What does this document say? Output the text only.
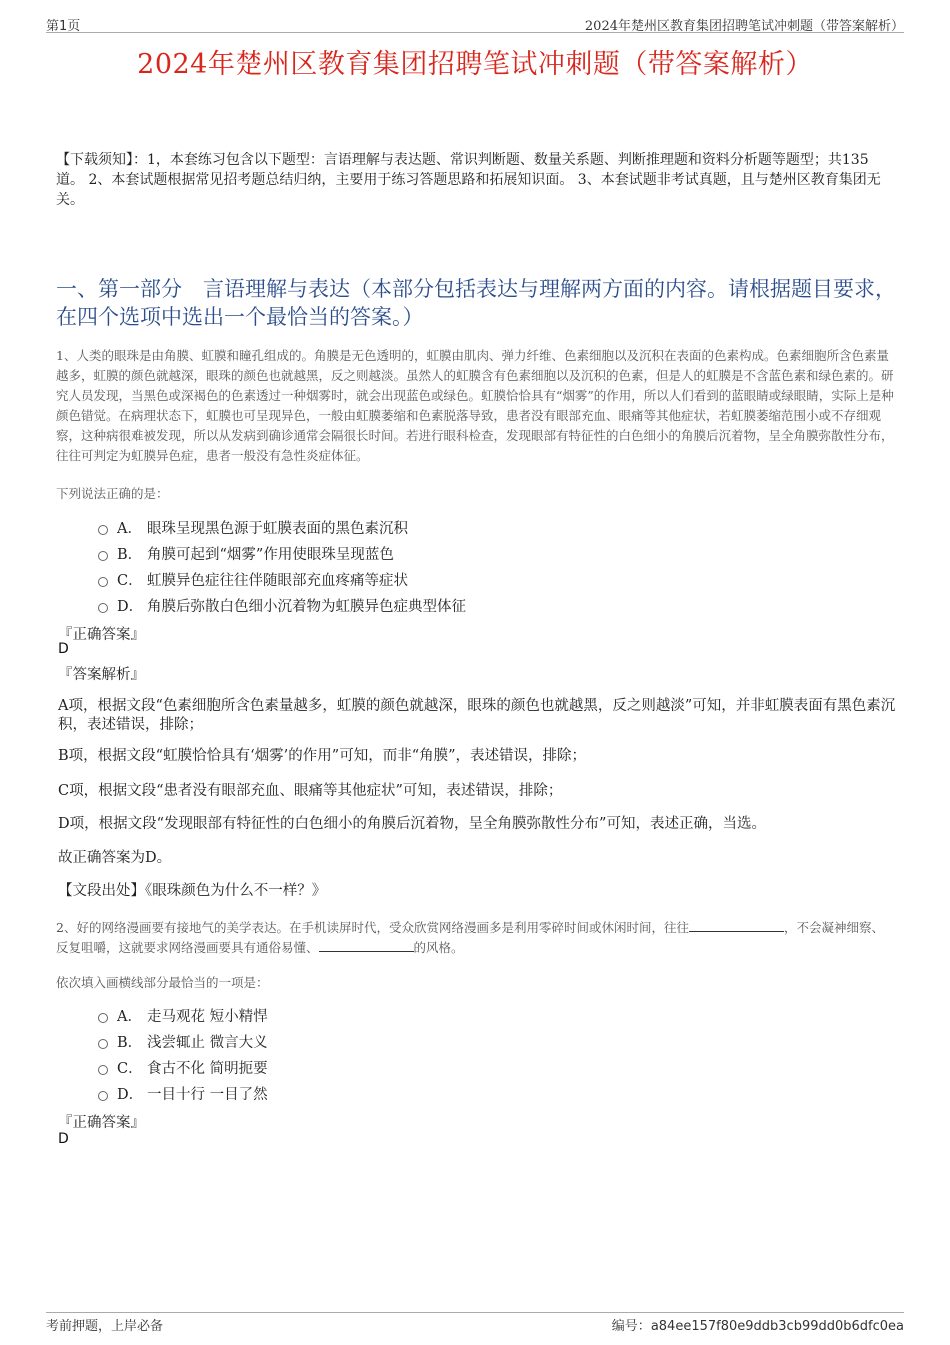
第1页	2024年楚州区教育集团招聘笔试冲刺题（带答案解析）
2024年楚州区教育集团招聘笔试冲刺题（带答案解析）
【下载须知】：1，本套练习包含以下题型：言语理解与表达题、常识判断题、数量关系题、判断推理题和资料分析题等题型；共135道。 2、本套试题根据常见招考题总结归纳，主要用于练习答题思路和拓展知识面。 3、本套试题非考试真题，且与楚州区教育集团无关。
一、第一部分　言语理解与表达（本部分包括表达与理解两方面的内容。请根据题目要求，在四个选项中选出一个最恰当的答案。）
1、人类的眼珠是由角膜、虹膜和瞳孔组成的。角膜是无色透明的，虹膜由肌肉、弹力纤维、色素细胞以及沉积在表面的色素构成。色素细胞所含色素量越多，虹膜的颜色就越深，眼珠的颜色也就越黑，反之则越淡。虽然人的虹膜含有色素细胞以及沉积的色素，但是人的虹膜是不含蓝色素和绿色素的。研究人员发现，当黑色或深褐色的色素透过一种烟雾时，就会出现蓝色或绿色。虹膜恰恰具有“烟雾”的作用，所以人们看到的蓝眼睛或绿眼睛，实际上是种颜色错觉。在病理状态下，虹膜也可呈现异色，一般由虹膜萎缩和色素脱落导致，患者没有眼部充血、眼痛等其他症状，若虹膜萎缩范围小或不存细观察，这种病很难被发现，所以从发病到确诊通常会隔很长时间。若进行眼科检查，发现眼部有特征性的白色细小的角膜后沉着物，呈全角膜弥散性分布，往往可判定为虹膜异色症，患者一般没有急性炎症体征。
下列说法正确的是：
A． 眼珠呈现黑色源于虹膜表面的黑色素沉积
B． 角膜可起到“烟雾”作用使眼珠呈现蓝色
C． 虹膜异色症往往伴随眼部充血疼痛等症状
D． 角膜后弥散白色细小沉着物为虹膜异色症典型体征
『正确答案』
D
『答案解析』
A项，根据文段“色素细胞所含色素量越多，虹膜的颜色就越深，眼珠的颜色也就越黑，反之则越淡”可知，并非虹膜表面有黑色素沉积，表述错误，排除；
B项，根据文段“虹膜恰恰具有‘烟雾’的作用”可知，而非“角膜”，表述错误，排除；
C项，根据文段“患者没有眼部充血、眼痛等其他症状”可知，表述错误，排除；
D项，根据文段“发现眼部有特征性的白色细小的角膜后沉着物，呈全角膜弥散性分布”可知，表述正确，当选。
故正确答案为D。
【文段出处】《眼珠颜色为什么不一样？》
2、好的网络漫画要有接地气的美学表达。在手机读屏时代，受众欣赏网络漫画多是利用零碎时间或休闲时间，往往	，不会凝神细察、反复咀嚼，这就要求网络漫画要具有通俗易懂、	的风格。
依次填入画横线部分最恰当的一项是：
A． 走马观花 短小精悍
B． 浅尝辄止 微言大义
C． 食古不化 简明扼要
D． 一目十行 一目了然
『正确答案』
D
考前押题，上岸必备	编号：a84ee157f80e9ddb3cb99dd0b6dfc0ea
